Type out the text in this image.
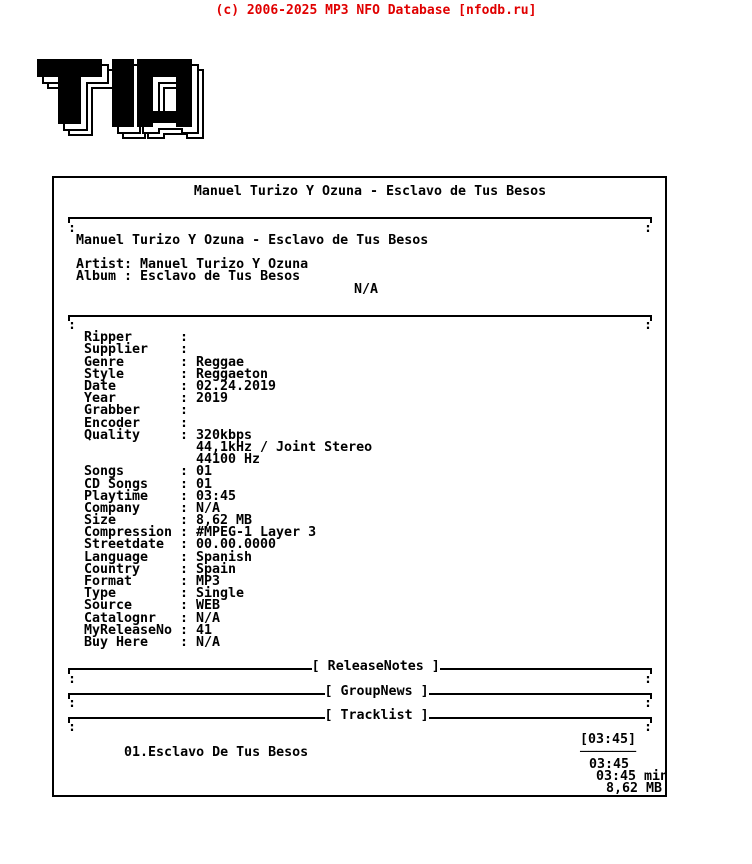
(c) 2006-2025 MP3 NFO Database [nfodb.ru]
Manuel Turizo Y Ozuna - Esclavo de Tus Besos

:

	:

Manuel Turizo Y Ozuna - Esclavo de Tus Besos
Artist: Manuel Turizo Y Ozuna
Album : Esclavo de Tus Besos
N/A

:

	:

Ripper	:
Supplier :
Genre	: Reggae
Style	: Reggaeton
Date	: 02.24.2019
Year	: 2019
Grabber	:
Encoder	:
Quality	: 320kbps
44,1kHz / Joint Stereo
44100 Hz
Songs	: 01
CD Songs : 01
Playtime : 03:45
Company	: N/A
Size	: 8,62 MB
Compression : #MPEG-1 Layer 3
Streetdate : 00.00.0000
Language : Spanish
Country	: Spain
Format	: MP3
Type	: Single
Source	: WEB
Catalognr : N/A
MyReleaseNo : 41
Buy Here : N/A
[ ReleaseNotes ]

:

	:

[ GroupNews ]

:

	:

[ Tracklist ]

:

	:

01.Esclavo De Tus Besos

[03:45]

───────

03:45
03:45 min
8,62 MB
